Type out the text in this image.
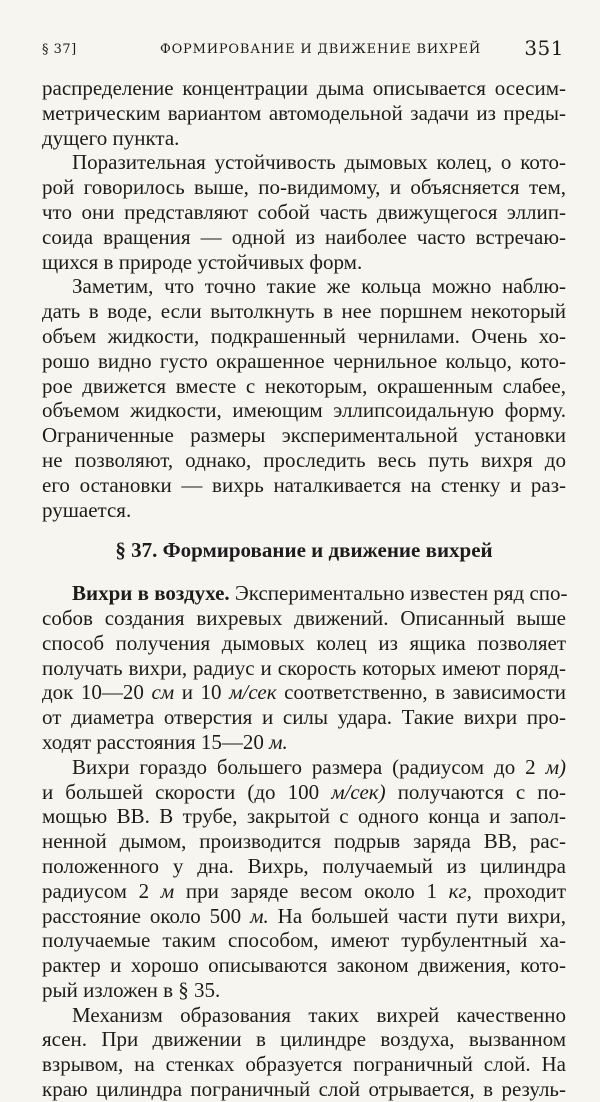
§ 37]	ФОРМИРОВАНИЕ И ДВИЖЕНИЕ ВИХРЕЙ 351
распределение концентрации дыма описывается осесим-
метрическим вариантом автомодельной задачи из преды-
дущего пункта.
Поразительная устойчивость дымовых колец, о кото-
рой говорилось выше, по-видимому, и объясняется тем,
что они представляют собой часть движущегося эллип-
соида вращения — одной из наиболее часто встречаю-
щихся в природе устойчивых форм.
Заметим, что точно такие же кольца можно наблю-
дать в воде, если вытолкнуть в нее поршнем некоторый
объем жидкости, подкрашенный чернилами. Очень хо-
рошо видно густо окрашенное чернильное кольцо, кото-
рое движется вместе с некоторым, окрашенным слабее,
объемом жидкости, имеющим эллипсоидальную форму.
Ограниченные размеры экспериментальной установки
не позволяют, однако, проследить весь путь вихря до
его остановки — вихрь наталкивается на стенку и раз-
рушается.
§ 37. Формирование и движение вихрей
Вихри в воздухе. Экспериментально известен ряд спо-
собов создания вихревых движений. Описанный выше
способ получения дымовых колец из ящика позволяет
получать вихри, радиус и скорость которых имеют поряд-
док 10—20 см и 10 м/сек соответственно, в зависимости
от диаметра отверстия и силы удара. Такие вихри про-
ходят расстояния 15—20 м.
Вихри гораздо большего размера (радиусом до 2 м)
и большей скорости (до 100 м/сек) получаются с по-
мощью ВВ. В трубе, закрытой с одного конца и запол-
ненной дымом, производится подрыв заряда ВВ, рас-
положенного у дна. Вихрь, получаемый из цилиндра
радиусом 2 м при заряде весом около 1 кг, проходит
расстояние около 500 м. На большей части пути вихри,
получаемые таким способом, имеют турбулентный ха-
рактер и хорошо описываются законом движения, кото-
рый изложен в § 35.
Механизм образования таких вихрей качественно
ясен. При движении в цилиндре воздуха, вызванном
взрывом, на стенках образуется пограничный слой. На
краю цилиндра пограничный слой отрывается, в резуль-
